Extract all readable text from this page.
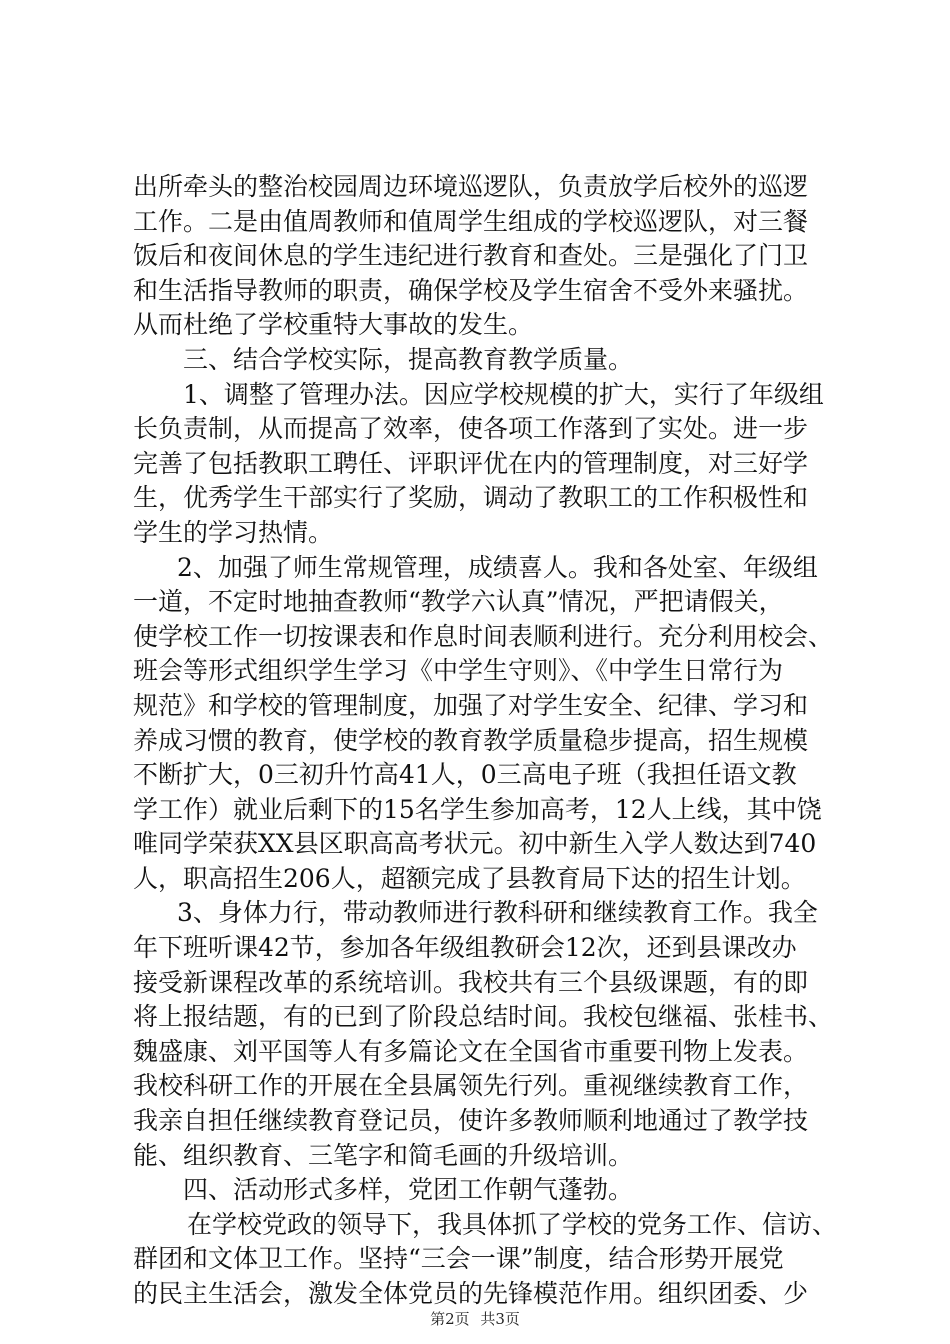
出所牵头的整治校园周边环境巡逻队，负责放学后校外的巡逻
工作。二是由值周教师和值周学生组成的学校巡逻队，对三餐
饭后和夜间休息的学生违纪进行教育和查处。三是强化了门卫
和生活指导教师的职责，确保学校及学生宿舍不受外来骚扰。
从而杜绝了学校重特大事故的发生。
三、结合学校实际，提高教育教学质量。
1、调整了管理办法。因应学校规模的扩大，实行了年级组
长负责制，从而提高了效率，使各项工作落到了实处。进一步
完善了包括教职工聘任、评职评优在内的管理制度，对三好学
生，优秀学生干部实行了奖励，调动了教职工的工作积极性和
学生的学习热情。
2、加强了师生常规管理，成绩喜人。我和各处室、年级组
一道，不定时地抽查教师“教学六认真”情况，严把请假关，
使学校工作一切按课表和作息时间表顺利进行。充分利用校会、
班会等形式组织学生学习《中学生守则》、《中学生日常行为
规范》和学校的管理制度，加强了对学生安全、纪律、学习和
养成习惯的教育，使学校的教育教学质量稳步提高，招生规模
不断扩大，0三初升竹高41人，0三高电子班（我担任语文教
学工作）就业后剩下的15名学生参加高考，12人上线，其中饶
唯同学荣获XX县区职高高考状元。初中新生入学人数达到740
人，职高招生206人，超额完成了县教育局下达的招生计划。
3、身体力行，带动教师进行教科研和继续教育工作。我全
年下班听课42节，参加各年级组教研会12次，还到县课改办
接受新课程改革的系统培训。我校共有三个县级课题，有的即
将上报结题，有的已到了阶段总结时间。我校包继福、张桂书、
魏盛康、刘平国等人有多篇论文在全国省市重要刊物上发表。
我校科研工作的开展在全县属领先行列。重视继续教育工作，
我亲自担任继续教育登记员，使许多教师顺利地通过了教学技
能、组织教育、三笔字和简毛画的升级培训。
四、活动形式多样，党团工作朝气蓬勃。
在学校党政的领导下，我具体抓了学校的党务工作、信访、
群团和文体卫工作。坚持“三会一课”制度，结合形势开展党
的民主生活会，激发全体党员的先锋模范作用。组织团委、少
第2页 共3页
